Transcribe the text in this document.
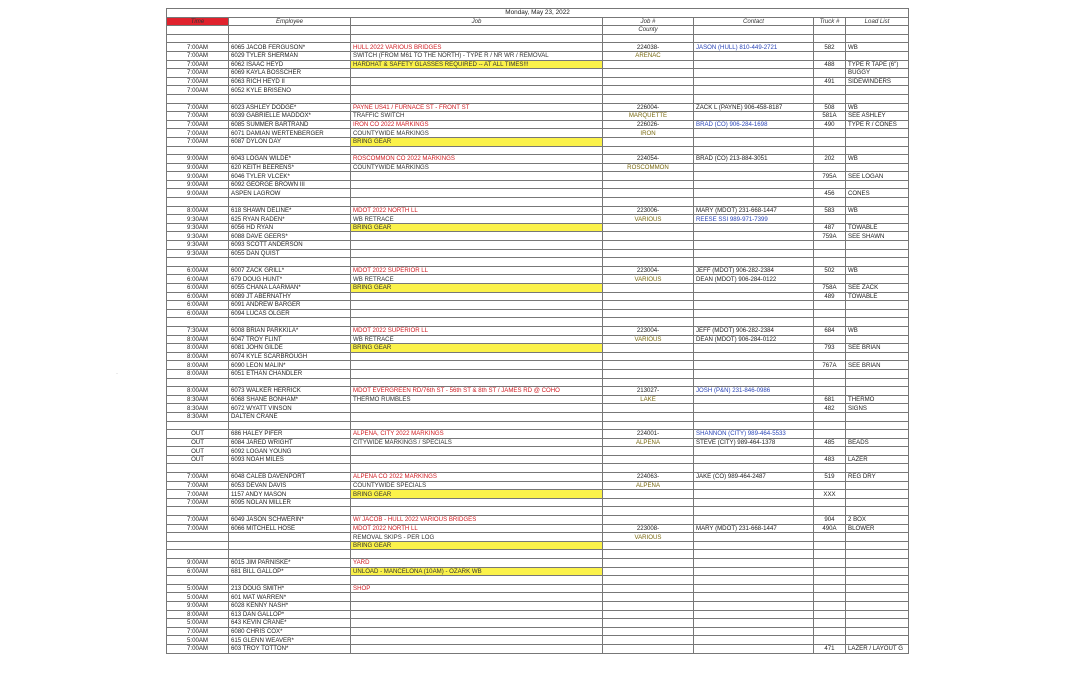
Monday, May 23, 2022						
Time	Employee	Job	Job #	Contact	Truck #	Load List
			County			

7:00AM	6065 JACOB FERGUSON*	HULL 2022 VARIOUS BRIDGES	224038-	JASON (HULL) 810-449-2721	582	WB
7:00AM	6029 TYLER SHERMAN	SWITCH (FROM M61 TO THE NORTH) - TYPE R / NR WR / REMOVAL	ARENAC			
7:00AM	6062 ISAAC HEYD	HARDHAT & SAFETY GLASSES REQUIRED -- AT ALL TIMES!!!			488	TYPE R TAPE (6")
7:00AM	6069 KAYLA BOSSCHER					BUGGY
7:00AM	6063 RICH HEYD II				491	SIDEWINDERS
7:00AM	6052 KYLE BRISENO					

7:00AM	6023 ASHLEY DODGE*	PAYNE US41 / FURNACE ST - FRONT ST	226004-	ZACK L (PAYNE) 906-458-8187	508	WB
7:00AM	6039 GABRIELLE MADDOX*	TRAFFIC SWITCH	MARQUETTE		581A	SEE ASHLEY
7:00AM	6085 SUMMER BARTRAND	IRON CO 2022 MARKINGS	226026-	BRAD (CO) 906-284-1698	490	TYPE R / CONES
7:00AM	6071 DAMIAN WERTENBERGER	COUNTYWIDE MARKINGS	IRON			
7:00AM	6087 DYLON DAY	BRING GEAR				

9:00AM	6043 LOGAN WILDE*	ROSCOMMON CO 2022 MARKINGS	224054-	BRAD (CO) 213-884-3051	202	WB
9:00AM	620 KEITH BEERENS*	COUNTYWIDE MARKINGS	ROSCOMMON			
9:00AM	6046 TYLER VLCEK*				795A	SEE LOGAN
9:00AM	6092 GEORGE BROWN III					
9:00AM	ASPEN LAGROW				456	CONES

8:00AM	618 SHAWN DELINE*	MDOT 2022 NORTH LL	223006-	MARY (MDOT) 231-668-1447	583	WB
9:30AM	625 RYAN RADEN*	WB RETRACE	VARIOUS	REESE SSI 989-971-7399		
9:30AM	6056 HD RYAN	BRING GEAR			487	TOWABLE
9:30AM	6088 DAVE GEERS*				759A	SEE SHAWN
9:30AM	6093 SCOTT ANDERSON					
9:30AM	6055 DAN QUIST					

6:00AM	6007 ZACK GRILL*	MDOT 2022 SUPERIOR LL	223004-	JEFF (MDOT) 906-282-2384	502	WB
6:00AM	679 DOUG HUNT*	WB RETRACE	VARIOUS	DEAN (MDOT) 906-284-0122		
6:00AM	6055 CHANA LAARMAN*	BRING GEAR			758A	SEE ZACK
6:00AM	6089 JT ABERNATHY				489	TOWABLE
6:00AM	6091 ANDREW BARGER					
6:00AM	6094 LUCAS OLGER					

7:30AM	6008 BRIAN PARKKILA*	MDOT 2022 SUPERIOR LL	223004-	JEFF (MDOT) 906-282-2384	684	WB
8:00AM	6047 TROY FLINT	WB RETRACE	VARIOUS	DEAN (MDOT) 906-284-0122		
8:00AM	6081 JOHN GILDE	BRING GEAR			793	SEE BRIAN
8:00AM	6074 KYLE SCARBROUGH					
8:00AM	6090 LEON MALIN*				767A	SEE BRIAN
8:00AM	6051 ETHAN CHANDLER					

8:00AM	6073 WALKER HERRICK	MDOT EVERGREEN RD/76th ST - 56th ST & 8th ST / JAMES RD @ COHO	213027-	JOSH (P&N) 231-846-0986		
8:30AM	6068 SHANE BONHAM*	THERMO RUMBLES	LAKE		681	THERMO
8:30AM	6072 WYATT VINSON				482	SIGNS
8:30AM	DALTEN CRANE					

OUT	686 HALEY PIFER	ALPENA, CITY 2022 MARKINGS	224001-	SHANNON (CITY) 989-464-5533		
OUT	6084 JARED WRIGHT	CITYWIDE MARKINGS / SPECIALS	ALPENA	STEVE (CITY) 989-464-1378	485	BEADS
OUT	6092 LOGAN YOUNG					
OUT	6093 NOAH MILES				483	LAZER

7:00AM	6048 CALEB DAVENPORT	ALPENA CO 2022 MARKINGS	224063-	JAKE (CO) 989-464-2487	519	REG DRY
7:00AM	6053 DEVAN DAVIS	COUNTYWIDE SPECIALS	ALPENA			
7:00AM	1157 ANDY MASON	BRING GEAR			XXX	
7:00AM	6095 NOLAN MILLER					

7:00AM	6049 JASON SCHWERIN*	W/ JACOB - HULL 2022 VARIOUS BRIDGES			904	2 BOX
7:00AM	6066 MITCHELL HOSE	MDOT 2022 NORTH LL	223008-	MARY (MDOT) 231-668-1447	490A	BLOWER
		REMOVAL SKIPS - PER LOG	VARIOUS			
		BRING GEAR				

9:00AM	6015 JIM PARNISKE*	YARD				
6:00AM	681 BILL GALLOP*	UNLOAD - MANCELONA (10AM) - OZARK WB				

5:00AM	213 DOUG SMITH*	SHOP				
5:00AM	601 MAT WARREN*					
9:00AM	6028 KENNY NASH*					
8:00AM	613 DAN GALLOP*					
5:00AM	643 KEVIN CRANE*					
7:00AM	6080 CHRIS COX*					
5:00AM	615 GLENN WEAVER*					
7:00AM	603 TROY TOTTON*				471	LAZER / LAYOUT G
·
